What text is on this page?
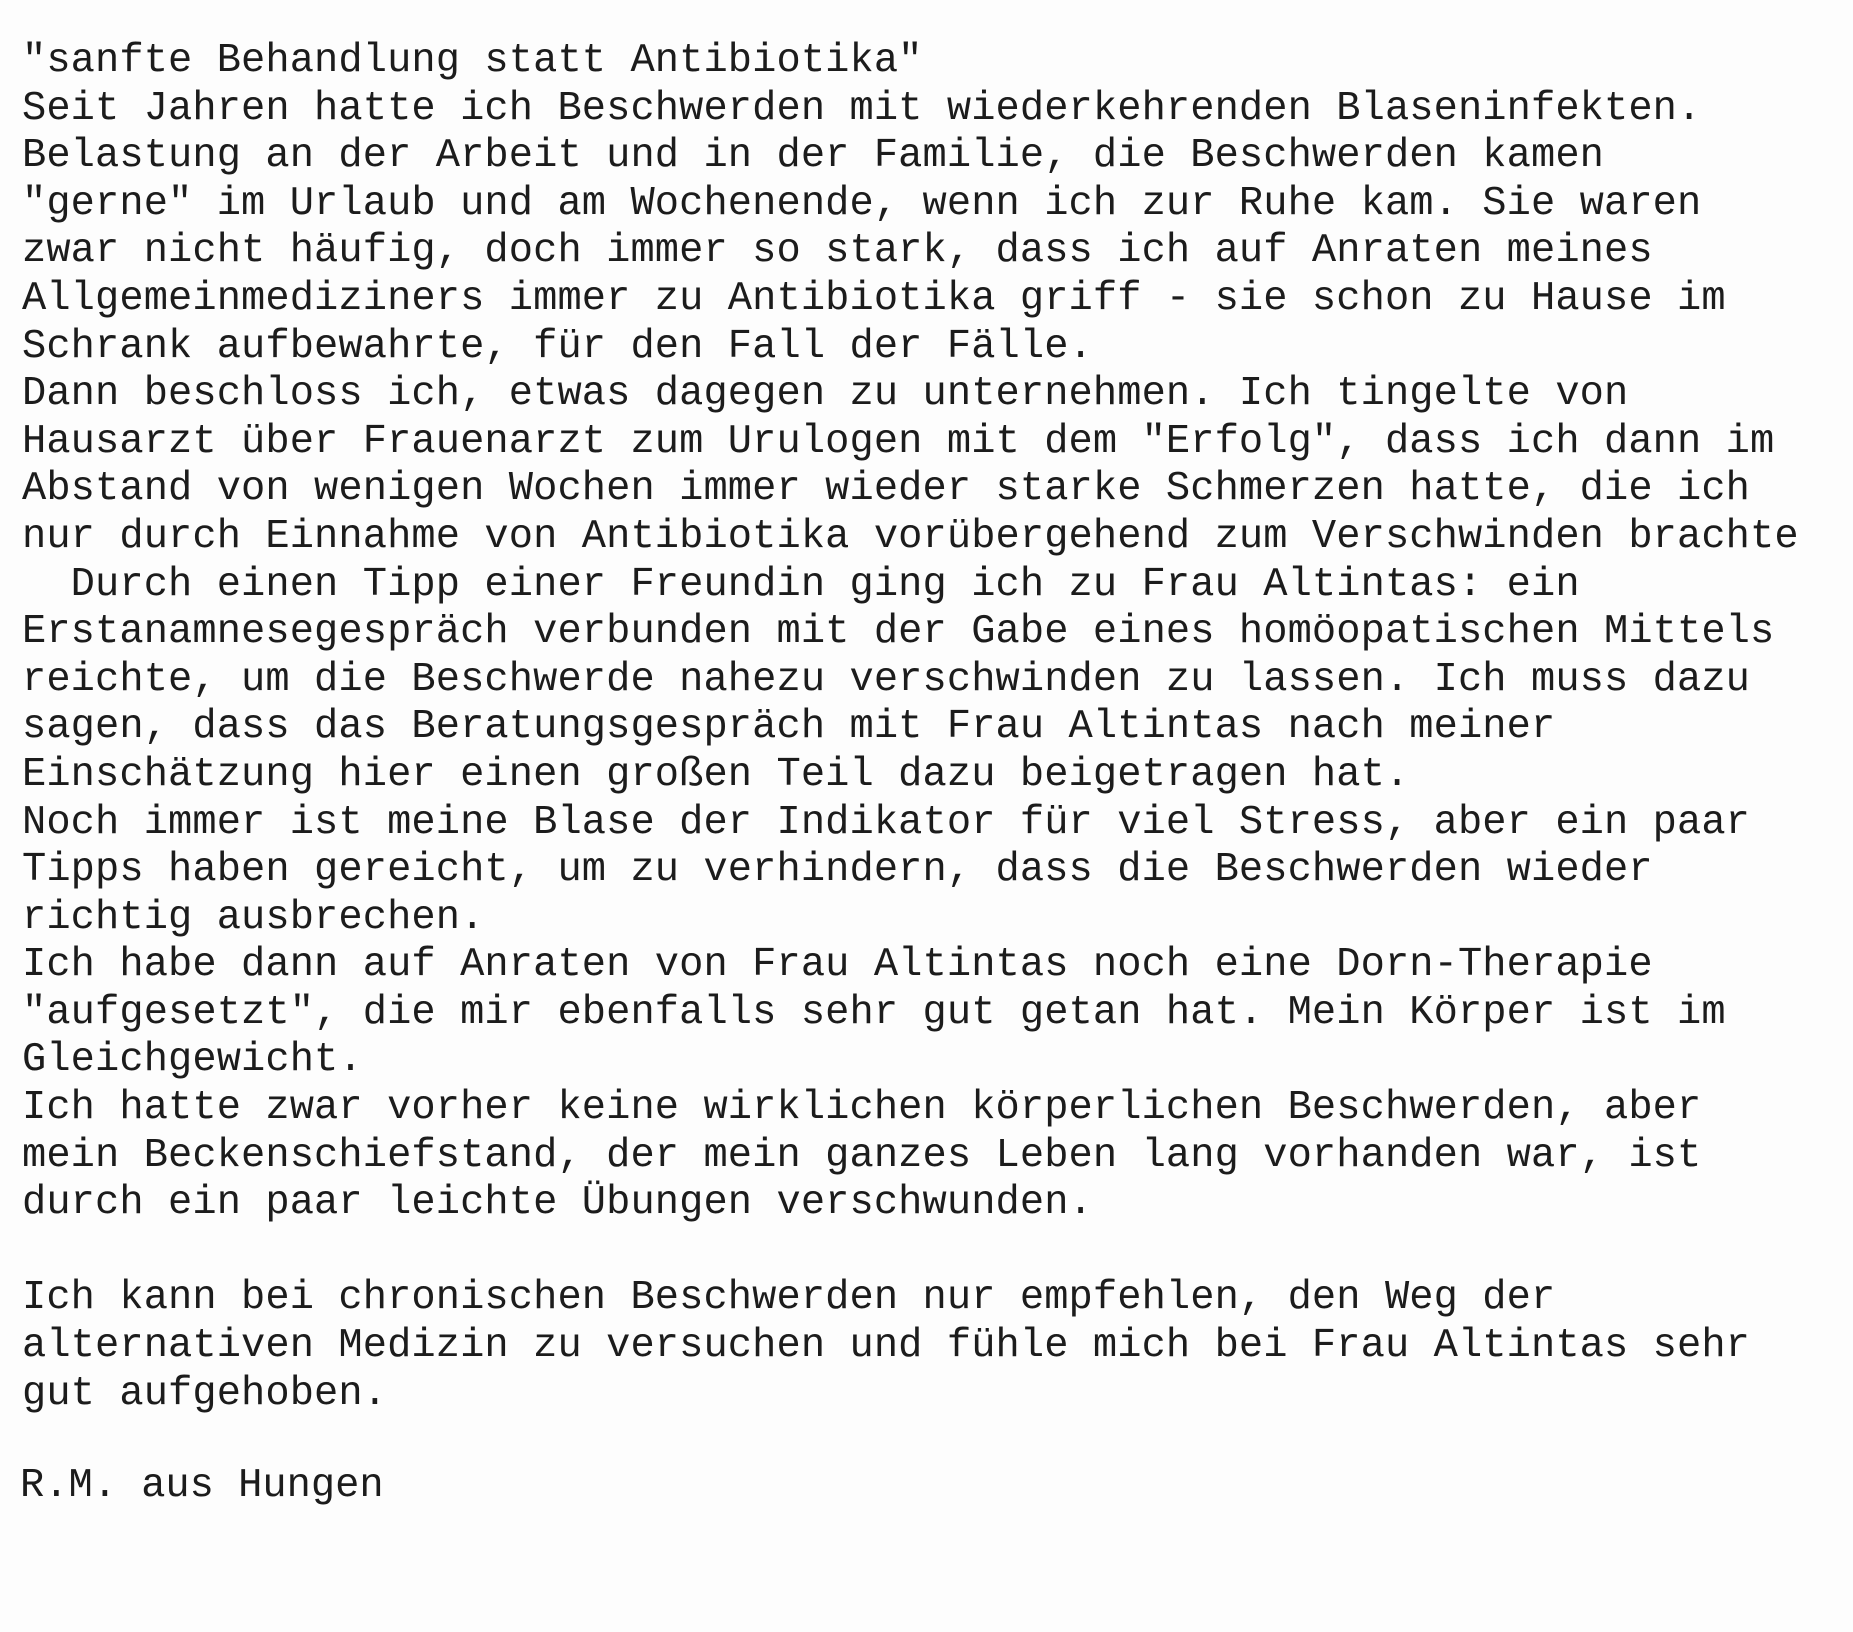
"sanfte Behandlung statt Antibiotika"
Seit Jahren hatte ich Beschwerden mit wiederkehrenden Blaseninfekten.
Belastung an der Arbeit und in der Familie, die Beschwerden kamen
"gerne" im Urlaub und am Wochenende, wenn ich zur Ruhe kam. Sie waren
zwar nicht häufig, doch immer so stark, dass ich auf Anraten meines
Allgemeinmediziners immer zu Antibiotika griff - sie schon zu Hause im
Schrank aufbewahrte, für den Fall der Fälle.
Dann beschloss ich, etwas dagegen zu unternehmen. Ich tingelte von
Hausarzt über Frauenarzt zum Urulogen mit dem "Erfolg", dass ich dann im
Abstand von wenigen Wochen immer wieder starke Schmerzen hatte, die ich
nur durch Einnahme von Antibiotika vorübergehend zum Verschwinden brachte
Durch einen Tipp einer Freundin ging ich zu Frau Altintas: ein
Erstanamnesegespräch verbunden mit der Gabe eines homöopatischen Mittels
reichte, um die Beschwerde nahezu verschwinden zu lassen. Ich muss dazu
sagen, dass das Beratungsgespräch mit Frau Altintas nach meiner
Einschätzung hier einen großen Teil dazu beigetragen hat.
Noch immer ist meine Blase der Indikator für viel Stress, aber ein paar
Tipps haben gereicht, um zu verhindern, dass die Beschwerden wieder
richtig ausbrechen.
Ich habe dann auf Anraten von Frau Altintas noch eine Dorn-Therapie
"aufgesetzt", die mir ebenfalls sehr gut getan hat. Mein Körper ist im
Gleichgewicht.
Ich hatte zwar vorher keine wirklichen körperlichen Beschwerden, aber
mein Beckenschiefstand, der mein ganzes Leben lang vorhanden war, ist
durch ein paar leichte Übungen verschwunden.
Ich kann bei chronischen Beschwerden nur empfehlen, den Weg der
alternativen Medizin zu versuchen und fühle mich bei Frau Altintas sehr
gut aufgehoben.
R.M. aus Hungen
